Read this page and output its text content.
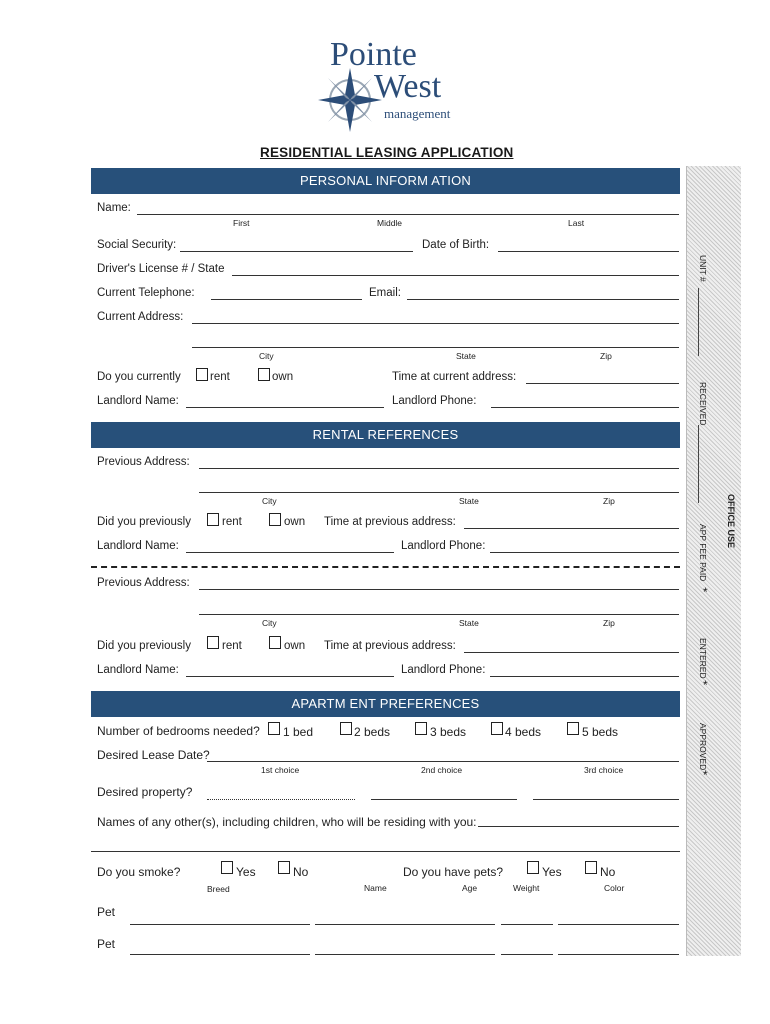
Pointe
West
management
RESIDENTIAL LEASING APPLICATION
OFFICE USE
UNIT #
RECEIVED
APP FEE PAID
*
ENTERED
*
APPROVED
*
PERSONAL INFORM ATION
Name:
First	Middle	Last
Social Security:	Date of Birth:
Driver's License # / State
Current Telephone:	Email:
Current Address:
City	State	Zip
Do you currently	rent	own	Time at current address:
Landlord Name:	Landlord Phone:
RENTAL REFERENCES
Previous Address:
City	State	Zip
Did you previously	rent	own Time at previous address:
Landlord Name:	Landlord Phone:
Previous Address:
City	State	Zip
Did you previously	rent	own Time at previous address:
Landlord Name:	Landlord Phone:
APARTM ENT PREFERENCES
Number of bedrooms needed? 1 bed	2 beds	3 beds	4 beds	5 beds
Desired Lease Date?
1st choice	2nd choice	3rd choice
Desired property?
Names of any other(s), including children, who will be residing with you:
Do you smoke?	Yes	No	Do you have pets?	Yes	No
Breed	Name	Age	Weight	Color
Pet
Pet
